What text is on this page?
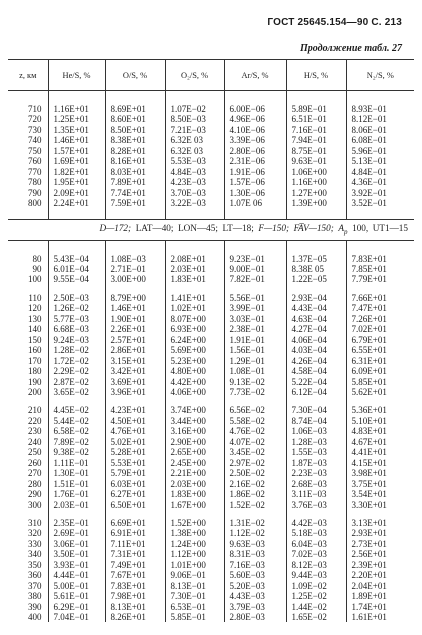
ГОСТ 25645.154—90 С. 213
Продолжение табл. 27
z, км	He/S, %	O/S, %	O₂/S, %	Ar/S, %	H/S, %	N₂/S, %

710	1.16E+01	8.69E+01	1.07E−02	6.00E−06	5.89E−01	8.93E−01
720	1.25E+01	8.60E+01	8.50E−03	4.96E−06	6.51E−01	8.12E−01
730	1.35E+01	8.50E+01	7.21E−03	4.10E−06	7.16E−01	8.06E−01
740	1.46E+01	8.38E+01	6.32E 03	3.39E−06	7.94E−01	6.08E−01
750	1.57E+01	8.28E+01	6.32E 03	2.80E−06	8.75E−01	5.96E−01
760	1.69E+01	8.16E+01	5.53E−03	2.31E−06	9.63E−01	5.13E−01
770	1.82E+01	8.03E+01	4.84E−03	1.91E−06	1.06E+00	4.84E−01
780	1.95E+01	7.89E+01	4.23E−03	1.57E−06	1.16E+00	4.36E−01
790	2.09E+01	7.74E+01	3.70E−03	1.30E−06	1.27E+00	3.92E−01
800	2.24E+01	7.59E+01	3.22E−03	1.07E 06	1.39E+00	3.52E−01

D—172; LAT—40; LON—45; LT—18; F—150; FA̅V—150; Ap 100, UT1—15						

80	5.43E−04	1.08E−03	2.08E+01	9.23E−01	1.37E−05	7.83E+01
90	6.01E−04	2.71E−01	2.03E+01	9.00E−01	8.38E 05	7.85E+01
100	9.55E−04	3.00E+00	1.83E+01	7.82E−01	1.22E−05	7.79E+01

110	2.50E−03	8.79E+00	1.41E+01	5.56E−01	2.93E−04	7.66E+01
120	1.26E−02	1.46E+01	1.02E+01	3.99E−01	4.43E−04	7.47E+01
130	5.77E−03	1.90E+01	8.07E+00	3.03E−01	4.63E−04	7.26E+01
140	6.68E−03	2.26E+01	6.93E+00	2.38E−01	4.27E−04	7.02E+01
150	9.24E−03	2.57E+01	6.24E+00	1.91E−01	4.06E−04	6.79E+01
160	1.28E−02	2.86E+01	5.69E+00	1.56E−01	4.03E−04	6.55E+01
170	1.72E−02	3.15E+01	5.23E+00	1.29E−01	4.26E−04	6.31E+01
180	2.29E−02	3.42E+01	4.80E+00	1.08E−01	4.58E−04	6.09E+01
190	2.87E−02	3.69E+01	4.42E+00	9.13E−02	5.22E−04	5.85E+01
200	3.65E−02	3.96E+01	4.06E+00	7.73E−02	6.12E−04	5.62E+01

210	4.45E−02	4.23E+01	3.74E+00	6.56E−02	7.30E−04	5.36E+01
220	5.44E−02	4.50E+01	3.44E+00	5.58E−02	8.74E−04	5.10E+01
230	6.58E−02	4.76E+01	3.16E+00	4.76E−02	1.06E−03	4.83E+01
240	7.89E−02	5.02E+01	2.90E+00	4.07E−02	1.28E−03	4.67E+01
250	9.38E−02	5.28E+01	2.65E+00	3.45E−02	1.55E−03	4.41E+01
260	1.11E−01	5.53E+01	2.45E+00	2.97E−02	1.87E−03	4.15E+01
270	1.30E−01	5.79E+01	2.21E+00	2.50E−02	2.23E−03	3.98E+01
280	1.51E−01	6.03E+01	2.03E+00	2.16E−02	2.68E−03	3.75E+01
290	1.76E−01	6.27E+01	1.83E+00	1.86E−02	3.11E−03	3.54E+01
300	2.03E−01	6.50E+01	1.67E+00	1.52E−02	3.76E−03	3.30E+01

310	2.35E−01	6.69E+01	1.52E+00	1.31E−02	4.42E−03	3.13E+01
320	2.69E−01	6.91E+01	1.38E+00	1.12E−02	5.18E−03	2.93E+01
330	3.06E−01	7.11E+01	1.24E+00	9.63E−03	6.04E−03	2.73E+01
340	3.50E−01	7.31E+01	1.12E+00	8.31E−03	7.02E−03	2.56E+01
350	3.93E−01	7.49E+01	1.01E+00	7.16E−03	8.12E−03	2.39E+01
360	4.44E−01	7.67E+01	9.06E−01	5.60E−03	9.44E−03	2.20E+01
370	5.00E−01	7.83E+01	8.13E−01	5.20E−03	1.09E−02	2.04E+01
380	5.61E−01	7.98E+01	7.30E−01	4.43E−03	1.25E−02	1.89E+01
390	6.29E−01	8.13E+01	6.53E−01	3.79E−03	1.44E−02	1.74E+01
400	7.04E−01	8.26E+01	5.85E−01	2.80E−03	1.65E−02	1.61E+01
